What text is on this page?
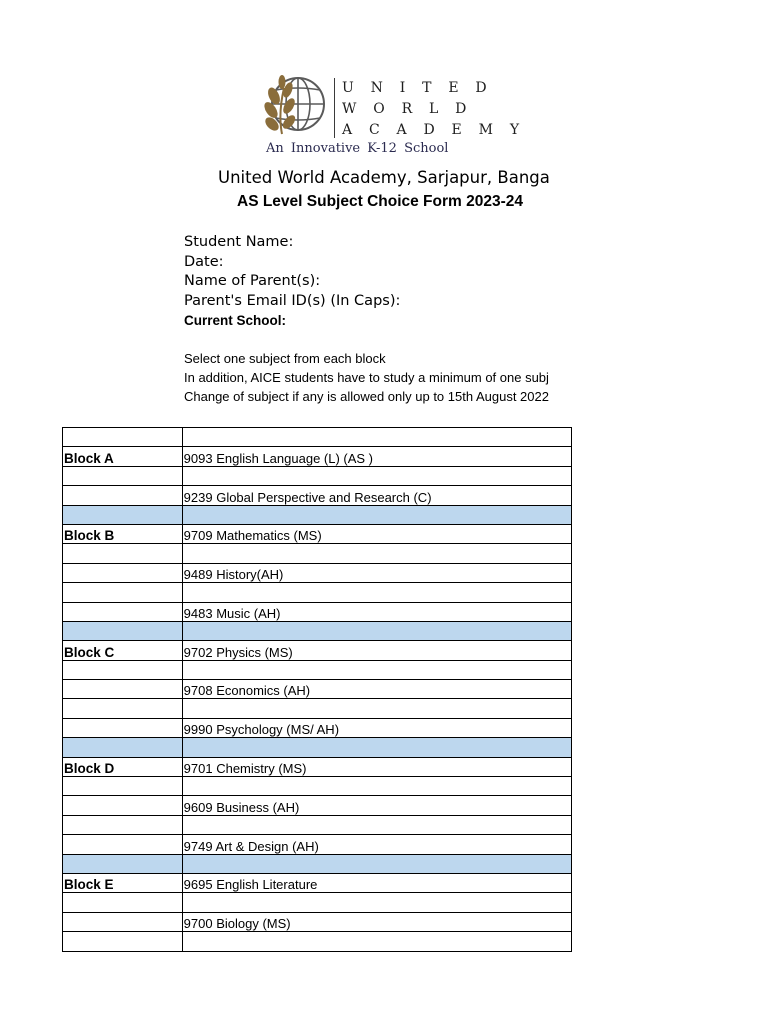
U N I T E D
W O R L D
A C A D E M Y
An Innovative K-12 School
United World Academy, Sarjapur, Banga
AS Level Subject Choice Form 2023-24
Student Name:
Date:
Name of Parent(s):
Parent's Email ID(s) (In Caps):
Current School:
Select one subject from each block
In addition, AICE students have to study a minimum of one subj
Change of subject if any is allowed only up to 15th August 2022

Block A	9093 English Language (L) (AS )

	9239 Global Perspective and Research (C)

Block B	9709 Mathematics (MS)

	9489 History(AH)

	9483 Music (AH)

Block C	9702 Physics (MS)

	9708 Economics (AH)

	9990 Psychology (MS/ AH)

Block D	9701 Chemistry (MS)

	9609 Business (AH)

	9749 Art & Design (AH)

Block E	9695 English Literature

	9700 Biology (MS)
